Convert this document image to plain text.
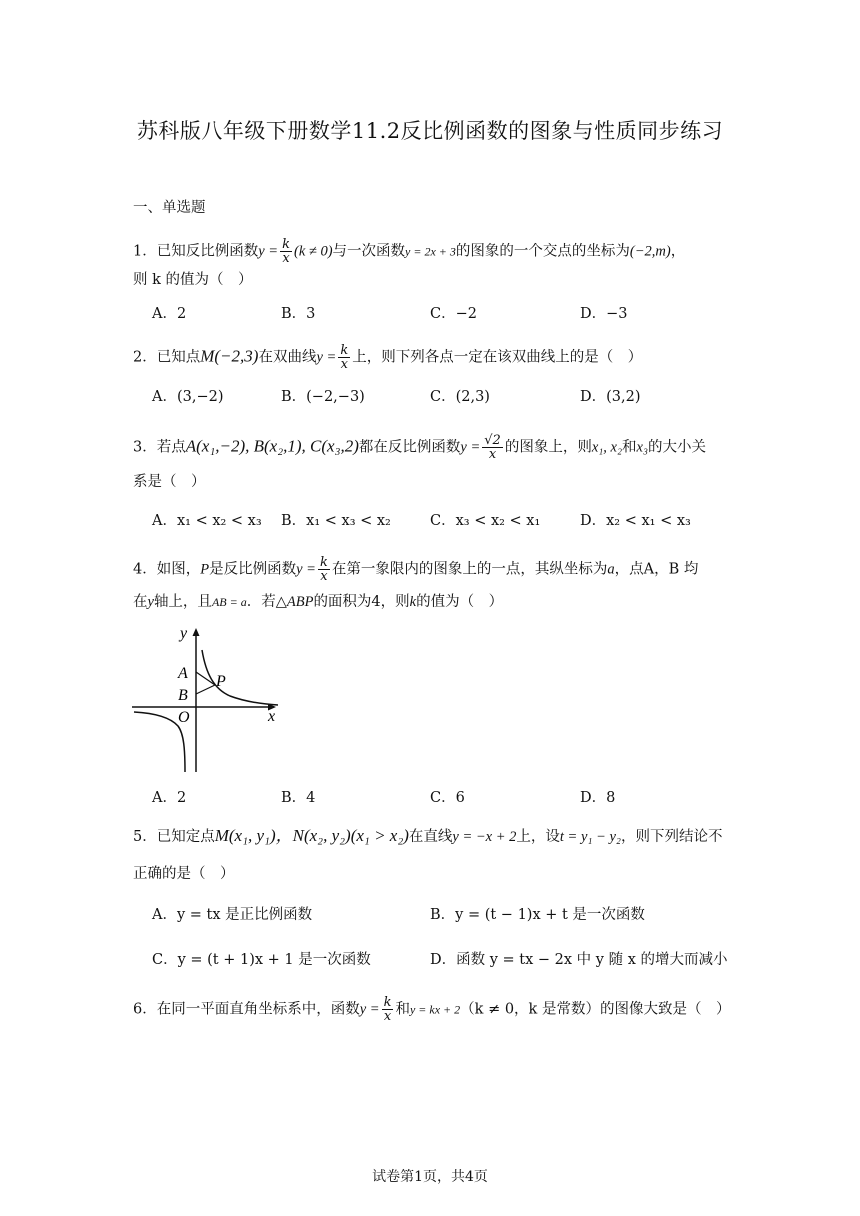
苏科版八年级下册数学11.2反比例函数的图象与性质同步练习
一、单选题
1．已知反比例函数$y = \frac{k}{x} (k \ne 0)$与一次函数y = 2x + 3的图象的一个交点的坐标为(−2,m)，
则 k 的值为（　）
A．2	B．3	C．−2	D．−3
2．已知点M(−2,3)在双曲线$y = \frac{k}{x}$ 上，则下列各点一定在该双曲线上的是（　）
A．(3,−2)	B．(−2,−3)	C．(2,3)	D．(3,2)
3．若点A(x₁,−2), B(x₂,1), C(x₃,2)都在反比例函数$y = \frac{√2}{x}$ 的图象上，则x₁, x₂和x₃的大小关
系是（　）
A．x₁ < x₂ < x₃ B．x₁ < x₃ < x₂	C．x₃ < x₂ < x₁	D．x₂ < x₁ < x₃
4．如图，P是反比例函数$y = \frac{k}{x}$ 在第一象限内的图象上的一点，其纵坐标为a，点A，B 均
在y轴上，且AB = a．若△ABP的面积为4，则k的值为（　）
y
x
A
B
O
P
A．2	B．4	C．6	D．8
5．已知定点M(x₁, y₁)，N(x₂, y₂)(x₁ > x₂)在直线y = −x + 2上，设t = y₁ − y₂，则下列结论不
正确的是（　）
A．y = tx 是正比例函数	B．y = (t − 1)x + t 是一次函数
C．y = (t + 1)x + 1 是一次函数	D．函数 y = tx − 2x 中 y 随 x 的增大而减小
6．在同一平面直角坐标系中，函数$y = \frac{k}{x}$ 和y = kx + 2（k ≠ 0，k 是常数）的图像大致是（　）
试卷第1页，共4页
